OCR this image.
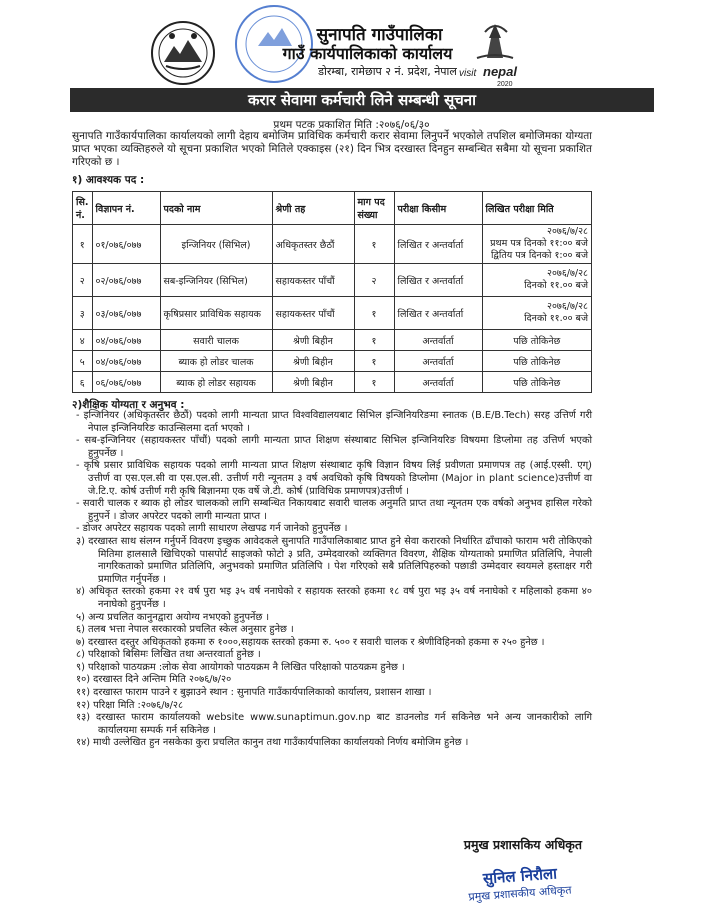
सुनापति गाउँपालिका
गाउँ कार्यपालिकाको कार्यालय
डोरम्बा, रामेछाप २ नं. प्रदेश, नेपाल visit nepal
2020
करार सेवामा कर्मचारी लिने सम्बन्धी सूचना
प्रथम पटक प्रकाशित मिति :२०७६/०६/३०
सुनापति गाउँकार्यपालिका कार्यालयको लागी देहाय बमोजिम प्राविधिक कर्मचारी करार सेवामा लिनुपर्ने भएकोले तपशिल बमोजिमका योग्यता प्राप्त भएका व्यक्तिहरुले यो सूचना प्रकाशित भएको मितिले एक्काइस (२१) दिन भित्र दरखास्त दिनहुन सम्बन्धित सबैमा यो सूचना प्रकाशित गरिएको छ ।
१) आवश्यक पद :
सि. नं.	विज्ञापन नं.	पदको नाम	श्रेणी तह	माग पद संख्या	परीक्षा किसीम	लिखित परीक्षा मिति
१	०१/०७६/०७७	इन्जिनियर (सिभिल)	अधिकृतस्तर छैठौं	१	लिखित र अन्तर्वार्ता	२०७६/७/२८
प्रथम पत्र दिनको ११:०० बजे
द्वितिय पत्र दिनको १:०० बजे

२	०२/०७६/०७७	सब-इन्जिनियर (सिभिल)	सहायकस्तर पाँचौं	२	लिखित र अन्तर्वार्ता	२०७६/७/२८
दिनको ११.०० बजे

३	०३/०७६/०७७	कृषिप्रसार प्राविधिक सहायक	सहायकस्तर पाँचौं	१	लिखित र अन्तर्वार्ता	२०७६/७/२८
दिनको ११.०० बजे

४	०४/०७६/०७७	सवारी चालक	श्रेणी बिहीन	१	अन्तर्वार्ता	पछि तोकिनेछ
५	०४/०७६/०७७	ब्याक हो लोडर चालक	श्रेणी बिहीन	१	अन्तर्वार्ता	पछि तोकिनेछ
६	०६/०७६/०७७	ब्याक हो लोडर सहायक	श्रेणी बिहीन	१	अन्तर्वार्ता	पछि तोकिनेछ
२)शैक्षिक योग्यता र अनुभव :

- इन्जिनियर (अधिकृतस्तर छैठौं) पदको लागी मान्यता प्राप्त विश्वविद्यालयबाट सिभिल इन्जिनियरिङमा स्नातक (B.E/B.Tech) सरह उत्तिर्ण गरी नेपाल इन्जिनियरिङ काउन्सिलमा दर्ता भएको ।

- सब-इन्जिनियर (सहायकस्तर पाँचौं) पदको लागी मान्यता प्राप्त शिक्षण संस्थाबाट सिभिल इन्जिनियरिङ विषयमा डिप्लोमा तह उत्तिर्ण भएको हुनुपर्नेछ ।

- कृषि प्रसार प्राविधिक सहायक पदको लागी मान्यता प्राप्त शिक्षण संस्थाबाट कृषि विज्ञान विषय लिई प्रवीणता प्रमाणपत्र तह (आई.एस्सी. एग्) उत्तीर्ण वा एस.एल.सी वा एस.एल.सी. उत्तीर्ण गरी न्यूनतम ३ वर्ष अवधिको कृषि विषयको डिप्लोमा (Major in plant science)उत्तीर्ण वा जे.टि.ए. कोर्ष उत्तीर्ण गरी कृषि बिज्ञानमा एक वर्षे जे.टी. कोर्ष (प्राविधिक प्रमाणपत्र)उत्तीर्ण ।

- सवारी चालक र ब्याक हो लोडर चालकको लागि सम्बन्धित निकायबाट सवारी चालक अनुमति प्राप्त तथा न्यूनतम एक वर्षको अनुभव हासिल गरेको हुनुपर्ने । डोजर अपरेटर पदको लागी मान्यता प्राप्त ।

- डोजर अपरेटर सहायक पदको लागी साधारण लेखपढ गर्न जानेको हुनुपर्नेछ ।

३) दरखास्त साथ संलग्न गर्नुपर्ने विवरण इच्छुक आवेदकले सुनापति गाउँपालिकाबाट प्राप्त हुने सेवा करारको निर्धारित ढाँचाको फाराम भरी तोकिएको मितिमा हालसालै खिचिएको पासपोर्ट साइजको फोटो ३ प्रति, उम्मेदवारको व्यक्तिगत विवरण, शैक्षिक योग्यताको प्रमाणित प्रतिलिपि, नेपाली नागरिकताको प्रमाणित प्रतिलिपि, अनुभवको प्रमाणित प्रतिलिपि । पेश गरिएको सबै प्रतिलिपिहरुको पछाडी उम्मेदवार स्वयमले हस्ताक्षर गरी प्रमाणित गर्नुपर्नेछ ।

४) अधिकृत स्तरको हकमा २१ वर्ष पुरा भइ ३५ वर्ष ननाघेको र सहायक स्तरको हकमा १८ वर्ष पुरा भइ ३५ वर्ष ननाघेको र महिलाको हकमा ४० ननाघेको हुनुपर्नेछ ।

५) अन्य प्रचलित कानुनद्वारा अयोग्य नभएको हुनुपर्नेछ ।

६) तलब भत्ता नेपाल सरकारको प्रचलित स्केल अनुसार हुनेछ ।

७) दरखास्त दस्तुर अधिकृतको हकमा रु १०००,सहायक स्तरको हकमा रु. ५०० र सवारी चालक र श्रेणीविहिनको हकमा रु २५० हुनेछ ।

८) परिक्षाको बिसिमः लिखित तथा अन्तरवार्ता हुनेछ ।

९) परिक्षाको पाठयक्रम :लोक सेवा आयोगको पाठयक्रम नै लिखित परिक्षाको पाठयक्रम हुनेछ ।

१०) दरखास्त दिने अन्तिम मिति २०७६/७/२०

११) दरखास्त फाराम पाउने र बुझाउने स्थान : सुनापति गाउँकार्यपालिकाको कार्यालय, प्रशासन शाखा ।

१२) परिक्षा मिति :२०७६/७/२८

१३) दरखास्त फाराम कार्यालयको website www.sunaptimun.gov.np बाट डाउनलोड गर्न सकिनेछ भने अन्य जानकारीको लागि कार्यालयमा सम्पर्क गर्न सकिनेछ ।

१४) माथी उल्लेखित हुन नसकेका कुरा प्रचलित कानुन तथा गाउँकार्यपालिका कार्यालयको निर्णय बमोजिम हुनेछ ।

प्रमुख प्रशासकिय अधिकृत
सुनिल निरौला
प्रमुख प्रशासकीय अधिकृत
